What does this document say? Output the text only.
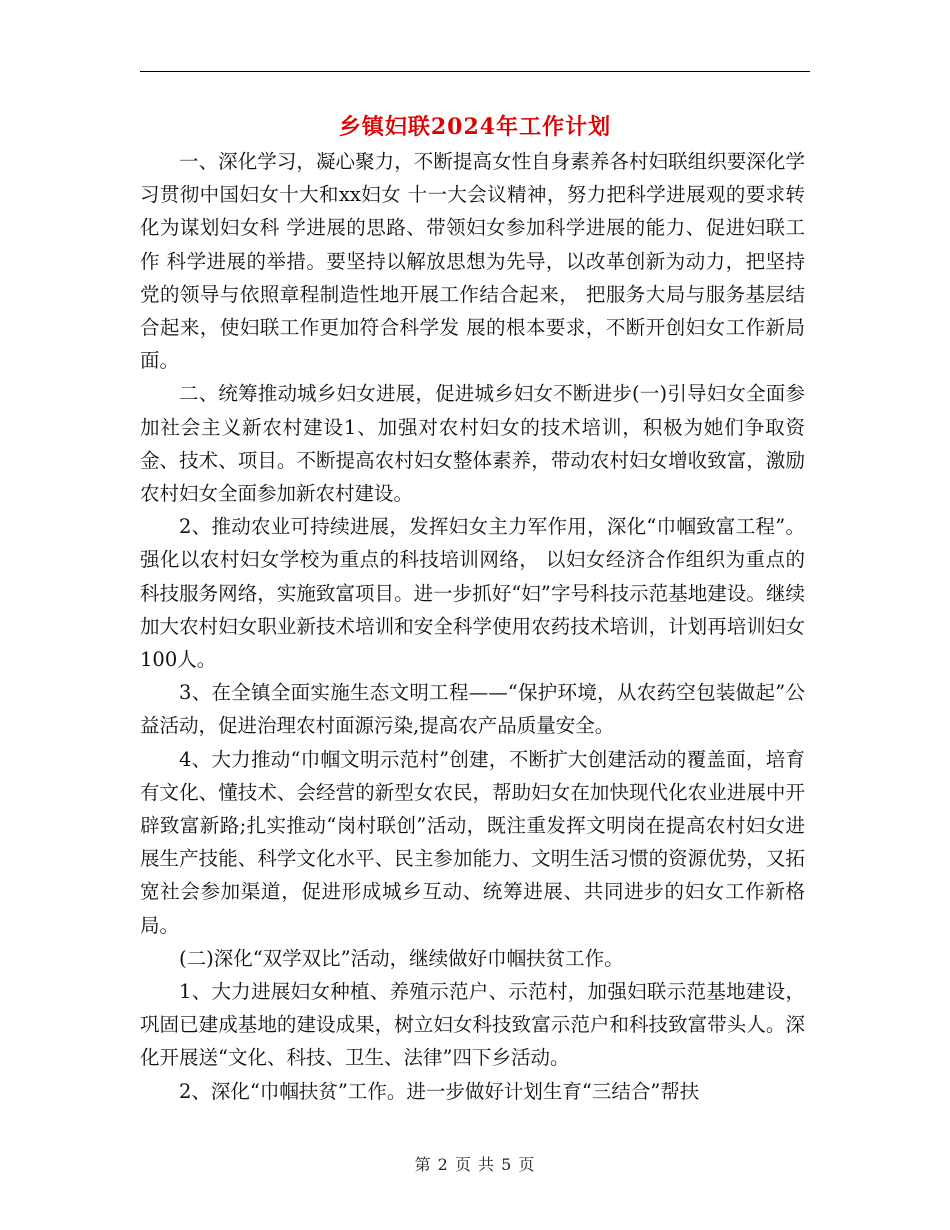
乡镇妇联2024年工作计划

一、深化学习，凝心聚力，不断提高女性自身素养各村妇联组织要深化学习贯彻中国妇女十大和xx妇女 十一大会议精神，努力把科学进展观的要求转化为谋划妇女科 学进展的思路、带领妇女参加科学进展的能力、促进妇联工作 科学进展的举措。要坚持以解放思想为先导，以改革创新为动力，把坚持党的领导与依照章程制造性地开展工作结合起来， 把服务大局与服务基层结合起来，使妇联工作更加符合科学发 展的根本要求，不断开创妇女工作新局面。

二、统筹推动城乡妇女进展，促进城乡妇女不断进步(一)引导妇女全面参加社会主义新农村建设1、加强对农村妇女的技术培训，积极为她们争取资金、技术、项目。不断提高农村妇女整体素养，带动农村妇女增收致富，激励农村妇女全面参加新农村建设。

2、推动农业可持续进展，发挥妇女主力军作用，深化“巾帼致富工程”。强化以农村妇女学校为重点的科技培训网络， 以妇女经济合作组织为重点的科技服务网络，实施致富项目。进一步抓好“妇”字号科技示范基地建设。继续加大农村妇女职业新技术培训和安全科学使用农药技术培训，计划再培训妇女100人。

3、在全镇全面实施生态文明工程——“保护环境，从农药空包装做起”公益活动，促进治理农村面源污染,提高农产品质量安全。

4、大力推动“巾帼文明示范村”创建，不断扩大创建活动的覆盖面，培育有文化、懂技术、会经营的新型女农民，帮助妇女在加快现代化农业进展中开辟致富新路;扎实推动“岗村联创”活动，既注重发挥文明岗在提高农村妇女进展生产技能、科学文化水平、民主参加能力、文明生活习惯的资源优势，又拓宽社会参加渠道，促进形成城乡互动、统筹进展、共同进步的妇女工作新格局。

(二)深化“双学双比”活动，继续做好巾帼扶贫工作。

1、大力进展妇女种植、养殖示范户、示范村，加强妇联示范基地建设，巩固已建成基地的建设成果，树立妇女科技致富示范户和科技致富带头人。深化开展送“文化、科技、卫生、法律”四下乡活动。

2、深化“巾帼扶贫”工作。进一步做好计划生育“三结合”帮扶

第 2 页 共 5 页
